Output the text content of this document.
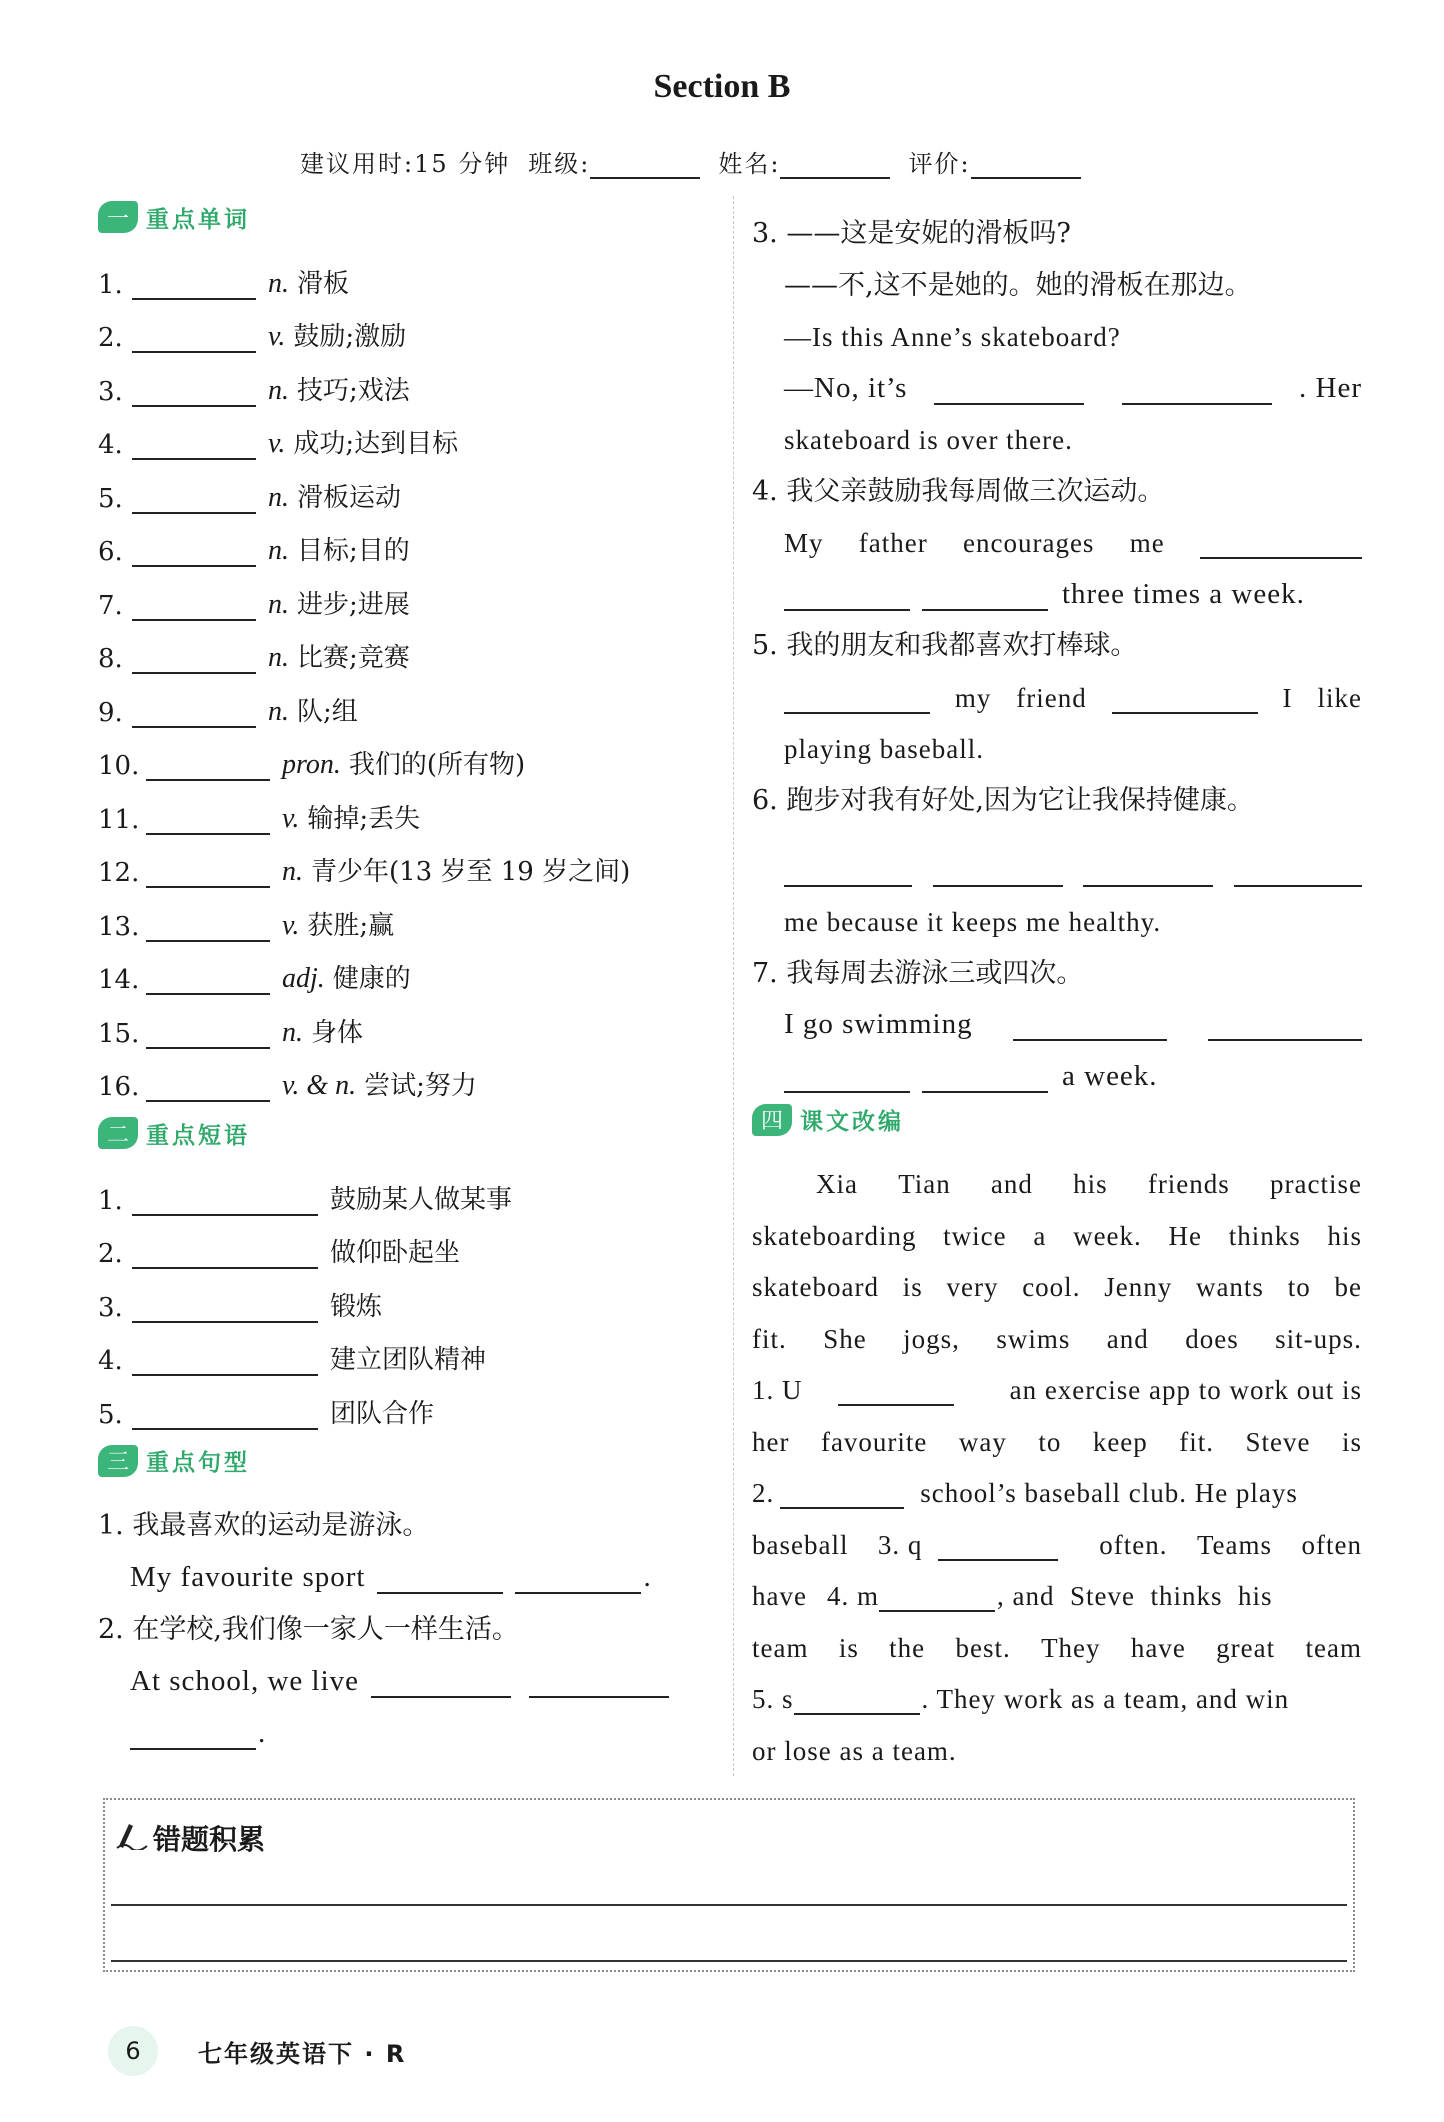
Section B
建议用时:15 分钟 班级:	姓名:	评价:
一 重点单词
1.	n. 滑板
2.	v. 鼓励;激励
3.	n. 技巧;戏法
4.	v. 成功;达到目标
5.	n. 滑板运动
6.	n. 目标;目的
7.	n. 进步;进展
8.	n. 比赛;竞赛
9.	n. 队;组
10.	pron. 我们的(所有物)
11.	v. 输掉;丢失
12.	n. 青少年(13 岁至 19 岁之间)
13.	v. 获胜;赢
14.	adj. 健康的
15.	n. 身体
16.	v. & n. 尝试;努力
二 重点短语
1.	鼓励某人做某事
2.	做仰卧起坐
3.	锻炼
4.	建立团队精神
5.	团队合作
三 重点句型
1. 我最喜欢的运动是游泳。
My favourite sport	.
2. 在学校,我们像一家人一样生活。
At school, we live
.
3. ——这是安妮的滑板吗?
——不,这不是她的。她的滑板在那边。
—Is this Anne’s skateboard?
—No, it’s	. Her
skateboard is over there.
4. 我父亲鼓励我每周做三次运动。
My father encourages me
three times a week.
5. 我的朋友和我都喜欢打棒球。
my friend	I like
playing baseball.
6. 跑步对我有好处,因为它让我保持健康。
me because it keeps me healthy.
7. 我每周去游泳三或四次。
I go swimming
a week.
四 课文改编
Xia Tian and his friends practise
skateboarding twice a week. He thinks his
skateboard is very cool. Jenny wants to be
fit. She jogs, swims and does sit-ups.
1. U	an exercise app to work out is
her favourite way to keep fit. Steve is
2.	school’s baseball club. He plays
baseball 3. q	often. Teams often
have 4. m	, and  Steve  thinks  his
team is the best. They have great team
5. s	. They work as a team, and win
or lose as a team.
错题积累
6	七年级英语下 · R
